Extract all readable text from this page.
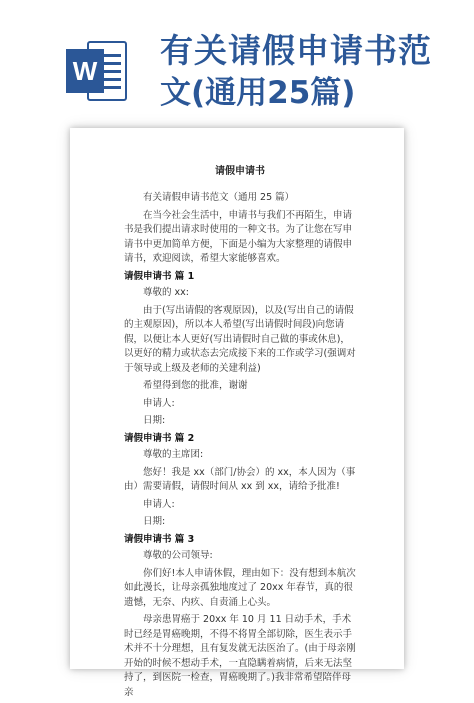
W
有关请假申请书范
文(通用25篇)
请假申请书

有关请假申请书范文（通用 25 篇）

在当今社会生活中，申请书与我们不再陌生，申请书是我们提出请求时使用的一种文书。为了让您在写申请书中更加简单方便，下面是小编为大家整理的请假申请书，欢迎阅读，希望大家能够喜欢。

请假申请书 篇 1

尊敬的 xx:

由于(写出请假的客观原因)，以及(写出自己的请假的主观原因)，所以本人希望(写出请假时间段)向您请假，以便让本人更好(写出请假时自己做的事或休息)，以更好的精力或状态去完成接下来的工作或学习(强调对于领导或上级及老师的关建利益)

希望得到您的批准，谢谢

申请人:

日期:

请假申请书 篇 2

尊敬的主席团:

您好！我是 xx（部门/协会）的 xx，本人因为（事由）需要请假，请假时间从 xx 到 xx，请给予批准!

申请人:

日期:

请假申请书 篇 3

尊敬的公司领导:

你们好!本人申请休假，理由如下：没有想到本航次如此漫长，让母亲孤独地度过了 20xx 年春节，真的很遗憾，无奈、内疚、自责涌上心头。

母亲患胃癌于 20xx 年 10 月 11 日动手术，手术时已经是胃癌晚期，不得不将胃全部切除，医生表示手术并不十分理想，且有复发就无法医治了。(由于母亲刚开始的时候不想动手术，一直隐瞒着病情，后来无法坚持了，到医院一检查，胃癌晚期了。)我非常希望陪伴母亲
